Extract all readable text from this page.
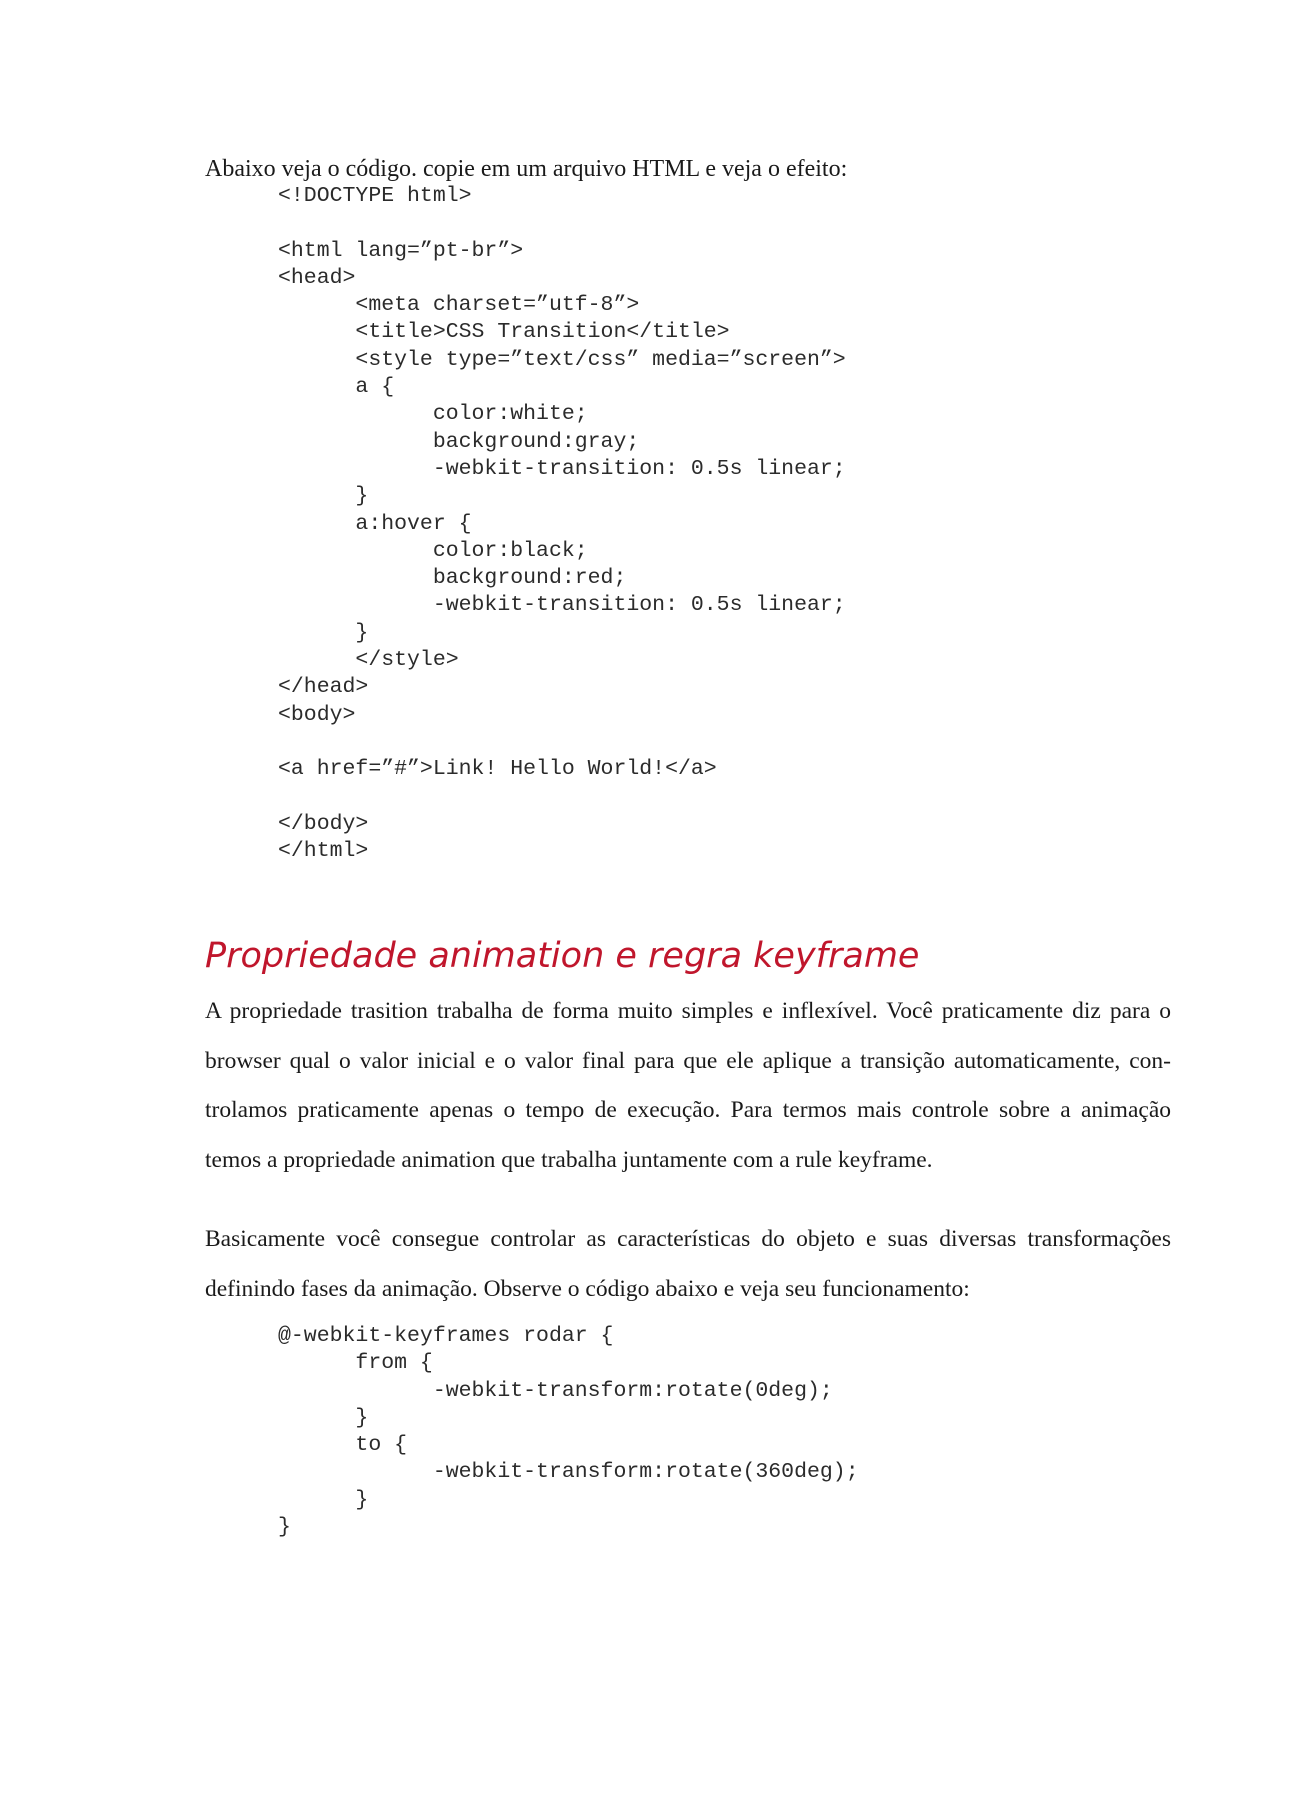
Abaixo veja o código. copie em um arquivo HTML e veja o efeito:

<!DOCTYPE html>
<html lang=”pt-br”>
<head>
<meta charset=”utf-8”>
<title>CSS Transition</title>
<style type=”text/css” media=”screen”>
a {
color:white;
background:gray;
-webkit-transition: 0.5s linear;
}
a:hover {
color:black;
background:red;
-webkit-transition: 0.5s linear;
}
</style>
</head>
<body>
<a href=”#”>Link! Hello World!</a>
</body>
</html>
Propriedade animation e regra keyframe

A propriedade trasition trabalha de forma muito simples e inflexível. Você praticamente diz para o browser qual o valor inicial e o valor final para que ele aplique a transição automaticamente, controlamos praticamente apenas o tempo de execução. Para termos mais controle sobre a animação temos a propriedade animation que trabalha juntamente com a rule keyframe.

Basicamente você consegue controlar as características do objeto e suas diversas transformações definindo fases da animação. Observe o código abaixo e veja seu funcionamento:

@-webkit-keyframes rodar {
from {
-webkit-transform:rotate(0deg);
}
to {
-webkit-transform:rotate(360deg);
}
}
